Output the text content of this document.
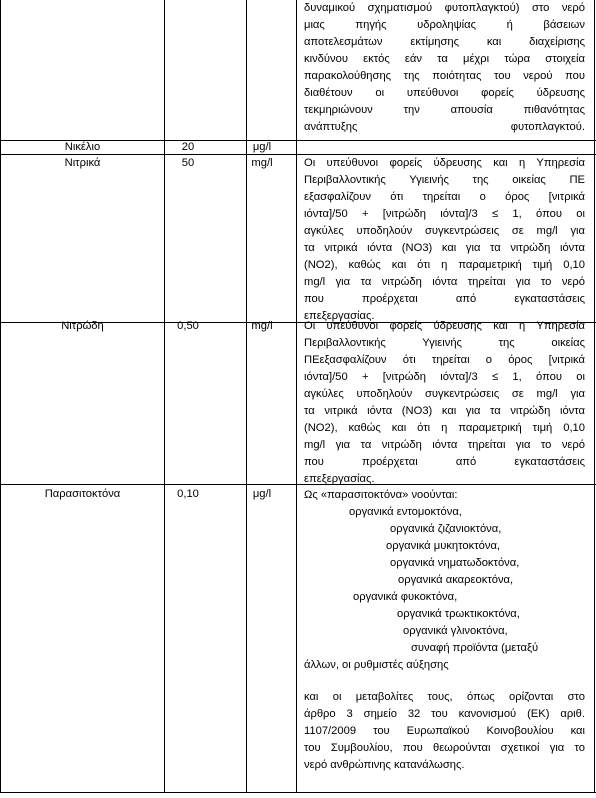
δυναμικού σχηματισμού φυτοπλαγκτού) στο νερό
μιας πηγής υδροληψίας ή βάσειων
αποτελεσμάτων εκτίμησης και διαχείρισης
κινδύνου εκτός εάν τα μέχρι τώρα στοιχεία
παρακολούθησης της ποιότητας του νερού που
διαθέτουν οι υπεύθυνοι φορείς ύδρευσης
τεκμηριώνουν την απουσία πιθανότητας
ανάπτυξης φυτοπλαγκτού.
Νικέλιο	20	μg/l
Νιτρικά	50	mg/l	Οι υπεύθυνοι φορείς ύδρευσης και η Υπηρεσία
Περιβαλλοντικής Υγιεινής της οικείας ΠΕ
εξασφαλίζουν ότι τηρείται ο όρος [νιτρικά
ιόντα]/50 + [νιτρώδη ιόντα]/3 ≤ 1, όπου οι
αγκύλες υποδηλούν συγκεντρώσεις σε mg/l για
τα νιτρικά ιόντα (NO3) και για τα νιτρώδη ιόντα
(NO2), καθώς και ότι η παραμετρική τιμή 0,10
mg/l για τα νιτρώδη ιόντα τηρείται για το νερό
που προέρχεται από εγκαταστάσεις
επεξεργασίας.
Νιτρώδη	0,50	mg/l	Οι υπεύθυνοι φορείς ύδρευσης και η Υπηρεσία
Περιβαλλοντικής Υγιεινής της οικείας
ΠΕεξασφαλίζουν ότι τηρείται ο όρος [νιτρικά
ιόντα]/50 + [νιτρώδη ιόντα]/3 ≤ 1, όπου οι
αγκύλες υποδηλούν συγκεντρώσεις σε mg/l για
τα νιτρικά ιόντα (NO3) και για τα νιτρώδη ιόντα
(NO2), καθώς και ότι η παραμετρική τιμή 0,10
mg/l για τα νιτρώδη ιόντα τηρείται για το νερό
που προέρχεται από εγκαταστάσεις
επεξεργασίας.
Παρασιτοκτόνα	0,10	μg/l	Ως «παρασιτοκτόνα» νοούνται:
οργανικά εντομοκτόνα,
οργανικά ζιζανιοκτόνα,
οργανικά μυκητοκτόνα,
οργανικά νηματωδοκτόνα,
οργανικά ακαρεοκτόνα,
οργανικά φυκοκτόνα,
οργανικά τρωκτικοκτόνα,
οργανικά γλινοκτόνα,
συναφή προϊόντα (μεταξύ
άλλων, οι ρυθμιστές αύξησης
και οι μεταβολίτες τους, όπως ορίζονται στο
άρθρο 3 σημείο 32 του κανονισμού (ΕΚ) αριθ.
1107/2009 του Ευρωπαϊκού Κοινοβουλίου και
του Συμβουλίου, που θεωρούνται σχετικοί για το
νερό ανθρώπινης κατανάλωσης.
